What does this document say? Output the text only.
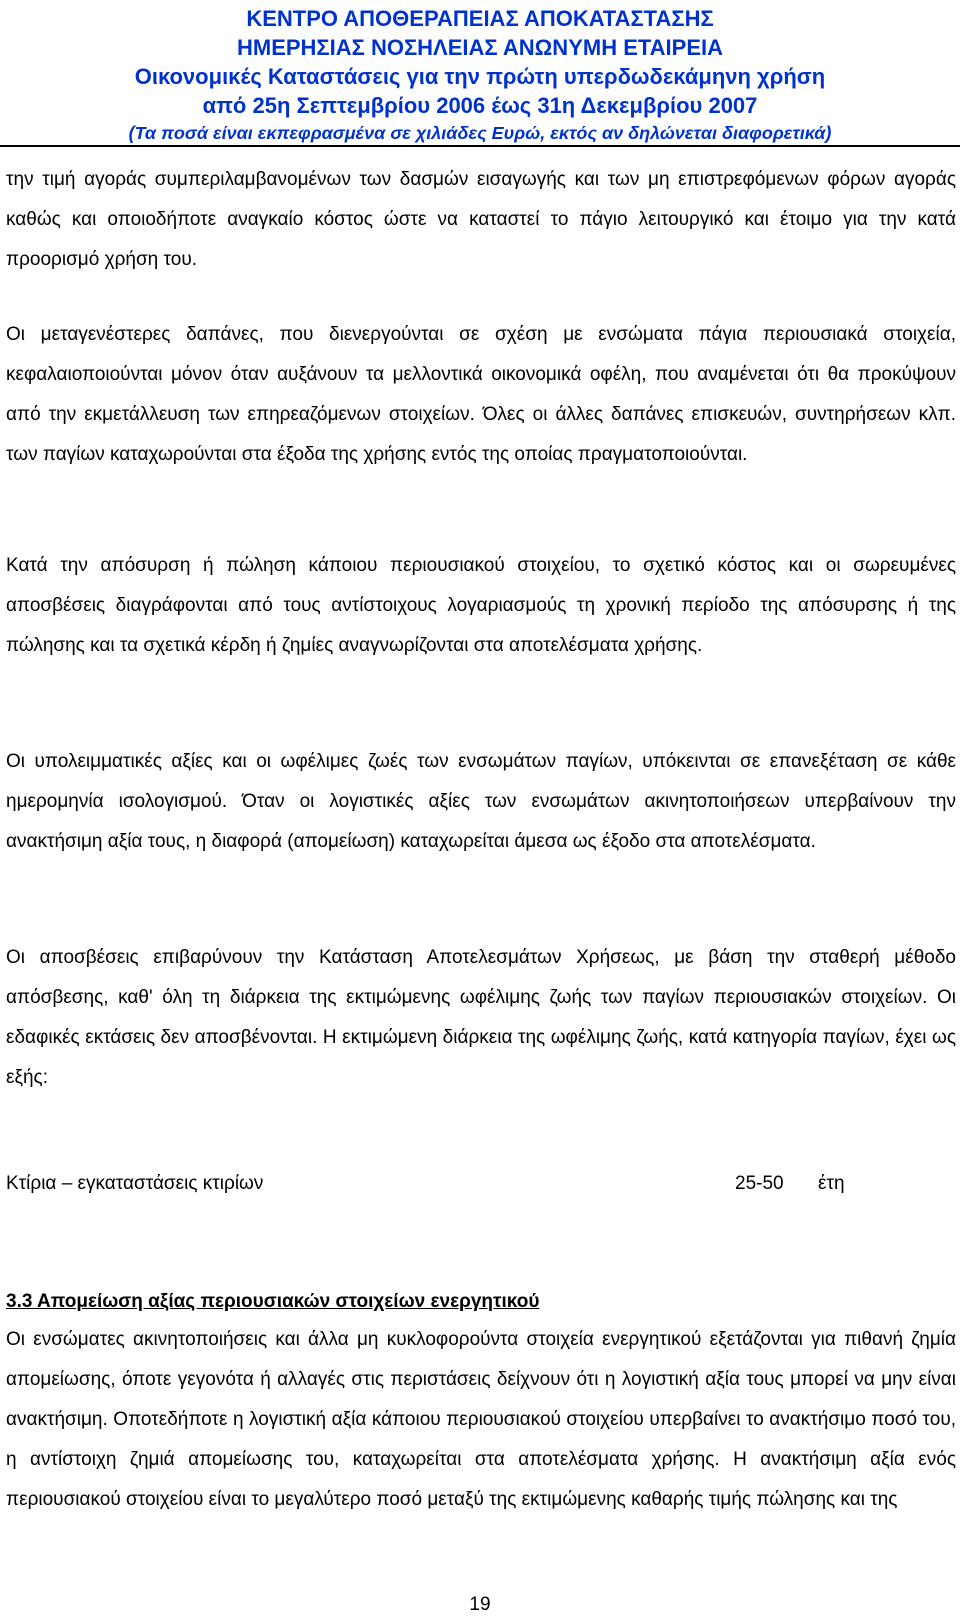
ΚΕΝΤΡΟ ΑΠΟΘΕΡΑΠΕΙΑΣ ΑΠΟΚΑΤΑΣΤΑΣΗΣ
ΗΜΕΡΗΣΙΑΣ ΝΟΣΗΛΕΙΑΣ ΑΝΩΝΥΜΗ ΕΤΑΙΡΕΙΑ
Οικονομικές Καταστάσεις για την πρώτη υπερδωδεκάμηνη χρήση
από 25η Σεπτεμβρίου 2006 έως 31η Δεκεμβρίου 2007
(Τα ποσά είναι εκπεφρασμένα σε χιλιάδες Ευρώ, εκτός αν δηλώνεται διαφορετικά)

την τιμή αγοράς συμπεριλαμβανομένων των δασμών εισαγωγής και των μη επιστρεφόμενων φόρων αγοράς καθώς και οποιοδήποτε αναγκαίο κόστος ώστε να καταστεί το πάγιο λειτουργικό και έτοιμο για την κατά προορισμό χρήση του.

Οι μεταγενέστερες δαπάνες, που διενεργούνται σε σχέση με ενσώματα πάγια περιουσιακά στοιχεία, κεφαλαιοποιούνται μόνον όταν αυξάνουν τα μελλοντικά οικονομικά οφέλη, που αναμένεται ότι θα προκύψουν από την εκμετάλλευση των επηρεαζόμενων στοιχείων. Όλες οι άλλες δαπάνες επισκευών, συντηρήσεων κλπ. των παγίων καταχωρούνται στα έξοδα της χρήσης εντός της οποίας πραγματοποιούνται.

Κατά την απόσυρση ή πώληση κάποιου περιουσιακού στοιχείου, το σχετικό κόστος και οι σωρευμένες αποσβέσεις διαγράφονται από τους αντίστοιχους λογαριασμούς τη χρονική περίοδο της απόσυρσης ή της πώλησης και τα σχετικά κέρδη ή ζημίες αναγνωρίζονται στα αποτελέσματα χρήσης.

Οι υπολειμματικές αξίες και οι ωφέλιμες ζωές των ενσωμάτων παγίων, υπόκεινται σε επανεξέταση σε κάθε ημερομηνία ισολογισμού. Όταν οι λογιστικές αξίες των ενσωμάτων ακινητοποιήσεων υπερβαίνουν την ανακτήσιμη αξία τους, η διαφορά (απομείωση) καταχωρείται άμεσα ως έξοδο στα αποτελέσματα.

Οι αποσβέσεις επιβαρύνουν την Κατάσταση Αποτελεσμάτων Χρήσεως, με βάση την σταθερή μέθοδο απόσβεσης, καθ' όλη τη διάρκεια της εκτιμώμενης ωφέλιμης ζωής των παγίων περιουσιακών στοιχείων. Οι εδαφικές εκτάσεις δεν αποσβένονται. Η εκτιμώμενη διάρκεια της ωφέλιμης ζωής, κατά κατηγορία παγίων, έχει ως εξής:

Κτίρια – εγκαταστάσεις κτιρίων	25-50 έτη
3.3 Απομείωση αξίας περιουσιακών στοιχείων ενεργητικού

Οι ενσώματες ακινητοποιήσεις και άλλα μη κυκλοφορούντα στοιχεία ενεργητικού εξετάζονται για πιθανή ζημία απομείωσης, όποτε γεγονότα ή αλλαγές στις περιστάσεις δείχνουν ότι η λογιστική αξία τους μπορεί να μην είναι ανακτήσιμη. Οποτεδήποτε η λογιστική αξία κάποιου περιουσιακού στοιχείου υπερβαίνει το ανακτήσιμο ποσό του, η αντίστοιχη ζημιά απομείωσης του, καταχωρείται στα αποτελέσματα χρήσης. Η ανακτήσιμη αξία ενός περιουσιακού στοιχείου είναι το μεγαλύτερο ποσό μεταξύ της εκτιμώμενης καθαρής τιμής πώλησης και της

19
